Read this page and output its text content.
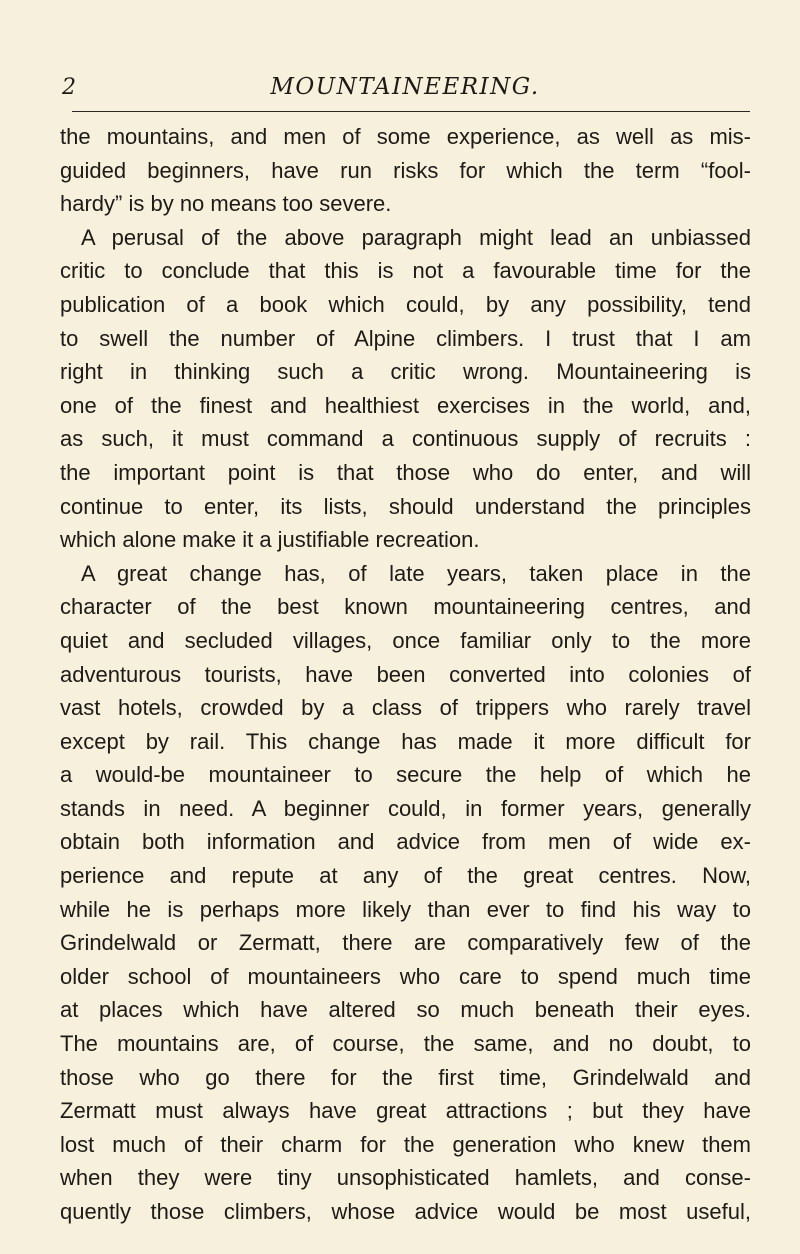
2	MOUNTAINEERING.
the mountains, and men of some experience, as well as mis-
guided beginners, have run risks for which the term “fool-
hardy” is by no means too severe.
A perusal of the above paragraph might lead an unbiassed
critic to conclude that this is not a favourable time for the
publication of a book which could, by any possibility, tend
to swell the number of Alpine climbers. I trust that I am
right in thinking such a critic wrong. Mountaineering is
one of the finest and healthiest exercises in the world, and,
as such, it must command a continuous supply of recruits :
the important point is that those who do enter, and will
continue to enter, its lists, should understand the principles
which alone make it a justifiable recreation.
A great change has, of late years, taken place in the
character of the best known mountaineering centres, and
quiet and secluded villages, once familiar only to the more
adventurous tourists, have been converted into colonies of
vast hotels, crowded by a class of trippers who rarely travel
except by rail. This change has made it more difficult for
a would-be mountaineer to secure the help of which he
stands in need. A beginner could, in former years, generally
obtain both information and advice from men of wide ex-
perience and repute at any of the great centres. Now,
while he is perhaps more likely than ever to find his way to
Grindelwald or Zermatt, there are comparatively few of the
older school of mountaineers who care to spend much time
at places which have altered so much beneath their eyes.
The mountains are, of course, the same, and no doubt, to
those who go there for the first time, Grindelwald and
Zermatt must always have great attractions ; but they have
lost much of their charm for the generation who knew them
when they were tiny unsophisticated hamlets, and conse-
quently those climbers, whose advice would be most useful,
